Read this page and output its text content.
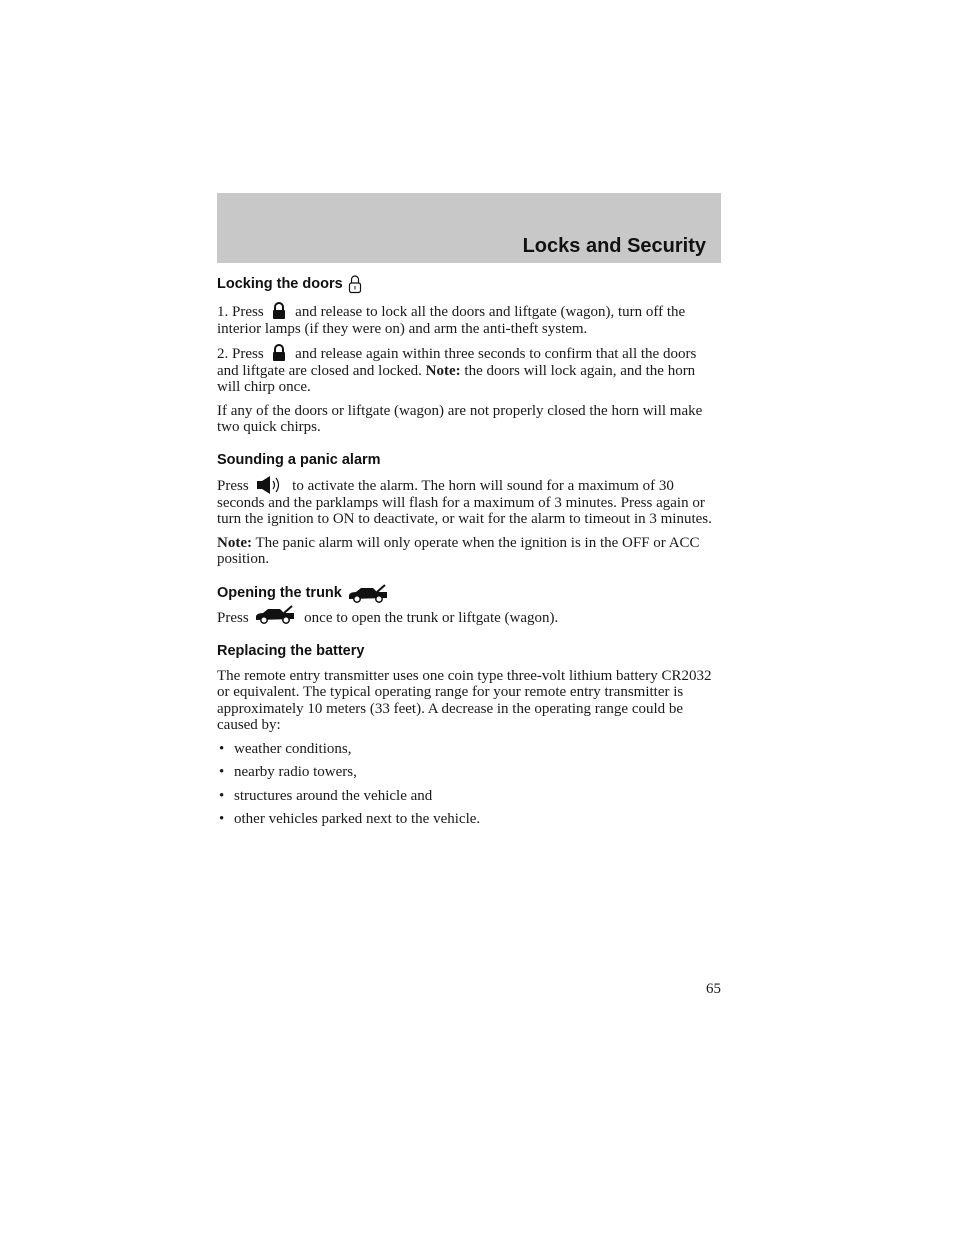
Locks and Security
Locking the doors

1. Press and release to lock all the doors and liftgate (wagon), turn off the interior lamps (if they were on) and arm the anti-theft system.

2. Press and release again within three seconds to confirm that all the doors and liftgate are closed and locked. Note: the doors will lock again, and the horn will chirp once.

If any of the doors or liftgate (wagon) are not properly closed the horn will make two quick chirps.

Sounding a panic alarm

Press	to activate the alarm. The horn will sound for a maximum of 30 seconds and the parklamps will flash for a maximum of 3 minutes. Press again or turn the ignition to ON to deactivate, or wait for the alarm to timeout in 3 minutes.

Note: The panic alarm will only operate when the ignition is in the OFF or ACC position.

Opening the trunk

Press	once to open the trunk or liftgate (wagon).

Replacing the battery

The remote entry transmitter uses one coin type three-volt lithium battery CR2032 or equivalent. The typical operating range for your remote entry transmitter is approximately 10 meters (33 feet). A decrease in the operating range could be caused by:

• weather conditions,
• nearby radio towers,
• structures around the vehicle and
• other vehicles parked next to the vehicle.
65
